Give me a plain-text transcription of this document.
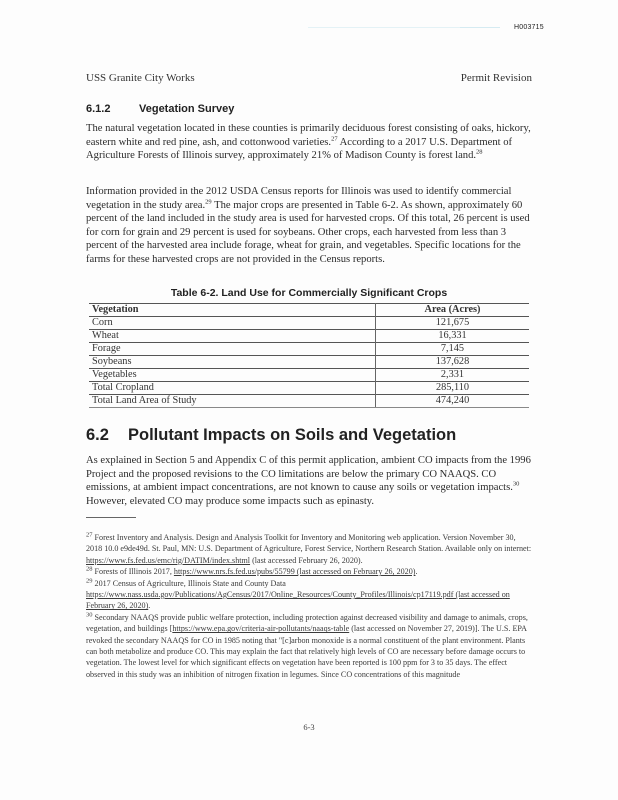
H003715
USS Granite City Works	Permit Revision
6.1.2	Vegetation Survey

The natural vegetation located in these counties is primarily deciduous forest consisting of oaks, hickory, eastern white and red pine, ash, and cottonwood varieties.$^{27}$ According to a 2017 U.S. Department of Agriculture Forests of Illinois survey, approximately 21% of Madison County is forest land.$^{28}$

Information provided in the 2012 USDA Census reports for Illinois was used to identify commercial vegetation in the study area.$^{29}$ The major crops are presented in Table 6-2. As shown, approximately 60 percent of the land included in the study area is used for harvested crops. Of this total, 26 percent is used for corn for grain and 29 percent is used for soybeans. Other crops, each harvested from less than 3 percent of the harvested area include forage, wheat for grain, and vegetables. Specific locations for the farms for these harvested crops are not provided in the Census reports.

Table 6-2. Land Use for Commercially Significant Crops
Vegetation	Area (Acres)
Corn	121,675
Wheat	16,331
Forage	7,145
Soybeans	137,628
Vegetables	2,331
Total Cropland	285,110
Total Land Area of Study	474,240
6.2 Pollutant Impacts on Soils and Vegetation

As explained in Section 5 and Appendix C of this permit application, ambient CO impacts from the 1996 Project and the proposed revisions to the CO limitations are below the primary CO NAAQS. CO emissions, at ambient impact concentrations, are not known to cause any soils or vegetation impacts.$^{30}$ However, elevated CO may produce some impacts such as epinasty.

$^{27}$ Forest Inventory and Analysis. Design and Analysis Toolkit for Inventory and Monitoring web application. Version November 30, 2018 10.0 e9de49d. St. Paul, MN: U.S. Department of Agriculture, Forest Service, Northern Research Station. Available only on internet: https://www.fs.fed.us/emc/rig/DATIM/index.shtml (last accessed February 26, 2020).

$^{28}$ Forests of Illinois 2017, https://www.nrs.fs.fed.us/pubs/55799 (last accessed on February 26, 2020).

$^{29}$ 2017 Census of Agriculture, Illinois State and County Data https://www.nass.usda.gov/Publications/AgCensus/2017/Online_Resources/County_Profiles/Illinois/cp17119.pdf (last accessed on February 26, 2020).

$^{30}$ Secondary NAAQS provide public welfare protection, including protection against decreased visibility and damage to animals, crops, vegetation, and buildings [https://www.epa.gov/criteria-air-pollutants/naaqs-table (last accessed on November 27, 2019)]. The U.S. EPA revoked the secondary NAAQS for CO in 1985 noting that "[c]arbon monoxide is a normal constituent of the plant environment. Plants can both metabolize and produce CO. This may explain the fact that relatively high levels of CO are necessary before damage occurs to vegetation. The lowest level for which significant effects on vegetation have been reported is 100 ppm for 3 to 35 days. The effect observed in this study was an inhibition of nitrogen fixation in legumes. Since CO concentrations of this magnitude

6-3
